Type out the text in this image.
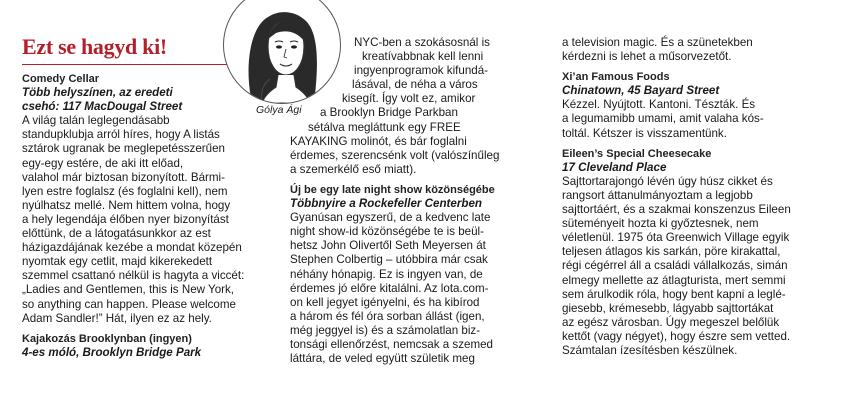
Ezt se hagyd ki!
Gólya Ági
Comedy Cellar
Több helyszínen, az eredeti
csehó: 117 MacDougal Street

A világ talán leglegendásabb

standupklubja arról híres, hogy A listás

sztárok ugranak be meglepetésszerűen

egy-egy estére, de aki itt előad,

valahol már biztosan bizonyított. Bármi-

lyen estre foglalsz (és foglalni kell), nem

nyúlhatsz mellé. Nem hittem volna, hogy

a hely legendája élőben nyer bizonyítást

előttünk, de a látogatásunkkor az est

házigazdájának kezébe a mondat közepén

nyomtak egy cetlit, majd kikerekedett

szemmel csattanó nélkül is hagyta a viccét:

„Ladies and Gentlemen, this is New York,

so anything can happen. Please welcome

Adam Sandler!” Hát, ilyen ez az hely.

Kajakozás Brooklynban (ingyen)
4-es móló, Brooklyn Bridge Park

NYC-ben a szokásosnál is

kreatívabbnak kell lenni

ingyenprogramok kifundá-

lásával, de néha a város

kisegít. Így volt ez, amikor

a Brooklyn Bridge Parkban

sétálva megláttunk egy FREE

KAYAKING molinót, és bár foglalni

érdemes, szerencsénk volt (valószínűleg

a szemerkélő eső miatt).

Új be egy late night show közönségébe
Többnyire a Rockefeller Centerben

Gyanúsan egyszerű, de a kedvenc late

night show-id közönségébe te is beül-

hetsz John Olivertől Seth Meyersen át

Stephen Colbertig – utóbbira már csak

néhány hónapig. Ez is ingyen van, de

érdemes jó előre kitalálni. Az lota.com-

on kell jegyet igényelni, és ha kibírod

a három és fél óra sorban állást (igen,

még jeggyel is) és a számolatlan biz-

tonsági ellenőrzést, nemcsak a szemed

láttára, de veled együtt születik meg

a television magic. És a szünetekben

kérdezni is lehet a műsorvezetőt.

Xi’an Famous Foods
Chinatown, 45 Bayard Street

Kézzel. Nyújtott. Kantoni. Tészták. És

a legumamibb umami, amit valaha kós-

toltál. Kétszer is visszamentünk.

Eileen’s Special Cheesecake
17 Cleveland Place

Sajttortarajongó lévén úgy húsz cikket és

rangsort áttanulmányoztam a legjobb

sajttortáért, és a szakmai konszenzus Eileen

süteményeit hozta ki győztesnek, nem

véletlenül. 1975 óta Greenwich Village egyik

teljesen átlagos kis sarkán, pöre kirakattal,

régi cégérrel áll a családi vállalkozás, simán

elmegy mellette az átlagturista, mert semmi

sem árulkodik róla, hogy bent kapni a leglé-

giesebb, krémesebb, lágyabb sajttortákat

az egész városban. Úgy megeszel belőlük

kettőt (vagy négyet), hogy észre sem vetted.

Számtalan ízesítésben készülnek.
